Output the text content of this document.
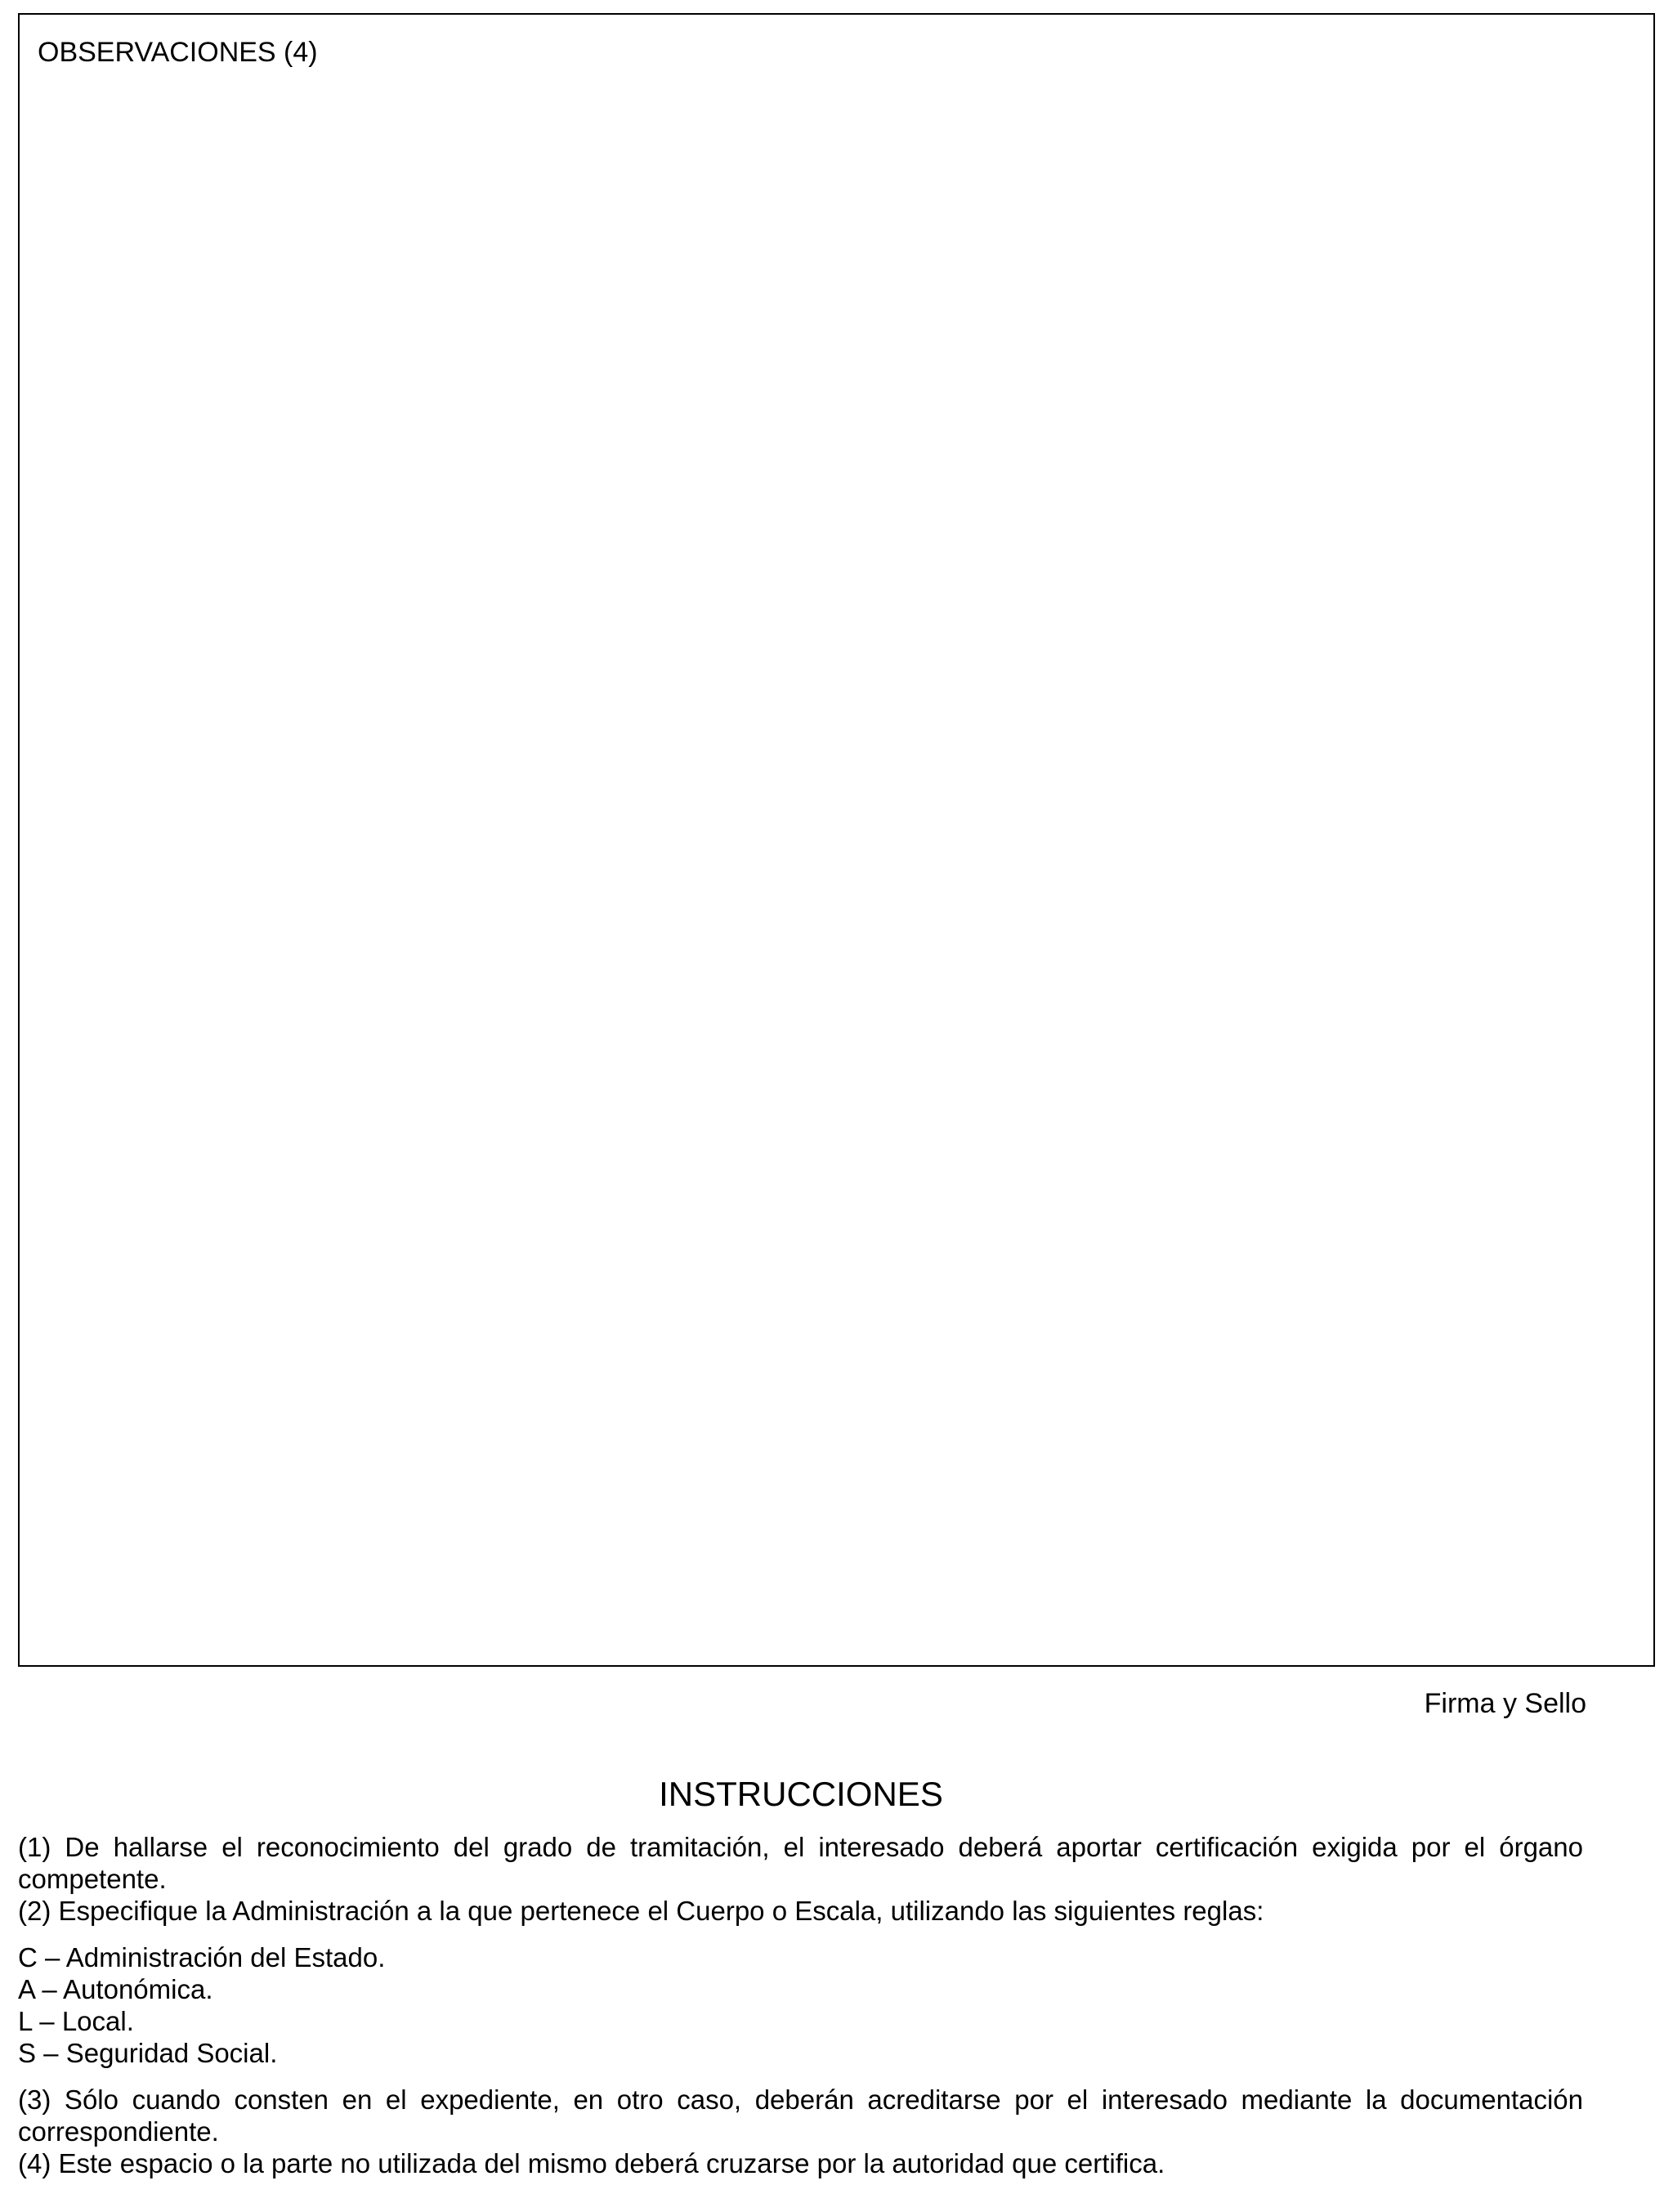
OBSERVACIONES (4)
Firma y Sello
INSTRUCCIONES

(1) De hallarse el reconocimiento del grado de tramitación, el interesado deberá aportar certificación exigida por el órgano competente.

(2) Especifique la Administración a la que pertenece el Cuerpo o Escala, utilizando las siguientes reglas:

C – Administración del Estado.
A – Autonómica.
L – Local.
S – Seguridad Social.

(3) Sólo cuando consten en el expediente, en otro caso, deberán acreditarse por el interesado mediante la documentación correspondiente.

(4) Este espacio o la parte no utilizada del mismo deberá cruzarse por la autoridad que certifica.
